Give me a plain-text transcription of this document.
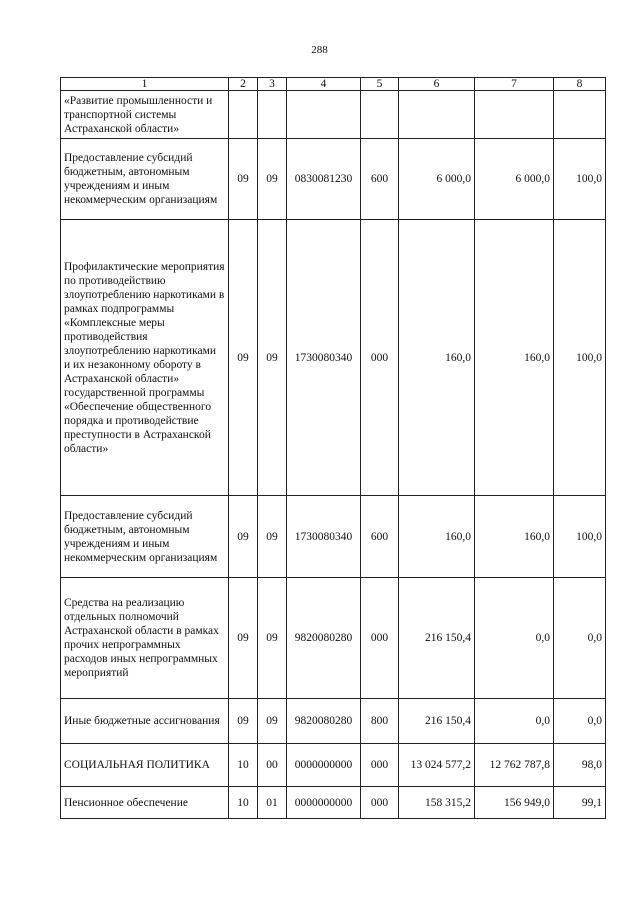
288
1	2	3	4	5	6	7	8
«Развитие промышленности и транспортной системы Астраханской области»							
Предоставление субсидий бюджетным, автономным учреждениям и иным некоммерческим организациям	09	09	0830081230	600	6 000,0	6 000,0	100,0
Профилактические мероприятия по противодействию злоупотреблению наркотиками в рамках подпрограммы «Комплексные меры противодействия злоупотреблению наркотиками и их незаконному обороту в Астраханской области» государственной программы «Обеспечение общественного порядка и противодействие преступности в Астраханской области»	09	09	1730080340	000	160,0	160,0	100,0
Предоставление субсидий бюджетным, автономным учреждениям и иным некоммерческим организациям	09	09	1730080340	600	160,0	160,0	100,0
Средства на реализацию отдельных полномочий Астраханской области в рамках прочих непрограммных расходов иных непрограммных мероприятий	09	09	9820080280	000	216 150,4	0,0	0,0
Иные бюджетные ассигнования	09	09	9820080280	800	216 150,4	0,0	0,0
СОЦИАЛЬНАЯ ПОЛИТИКА	10	00	0000000000	000	13 024 577,2	12 762 787,8	98,0
Пенсионное обеспечение	10	01	0000000000	000	158 315,2	156 949,0	99,1
